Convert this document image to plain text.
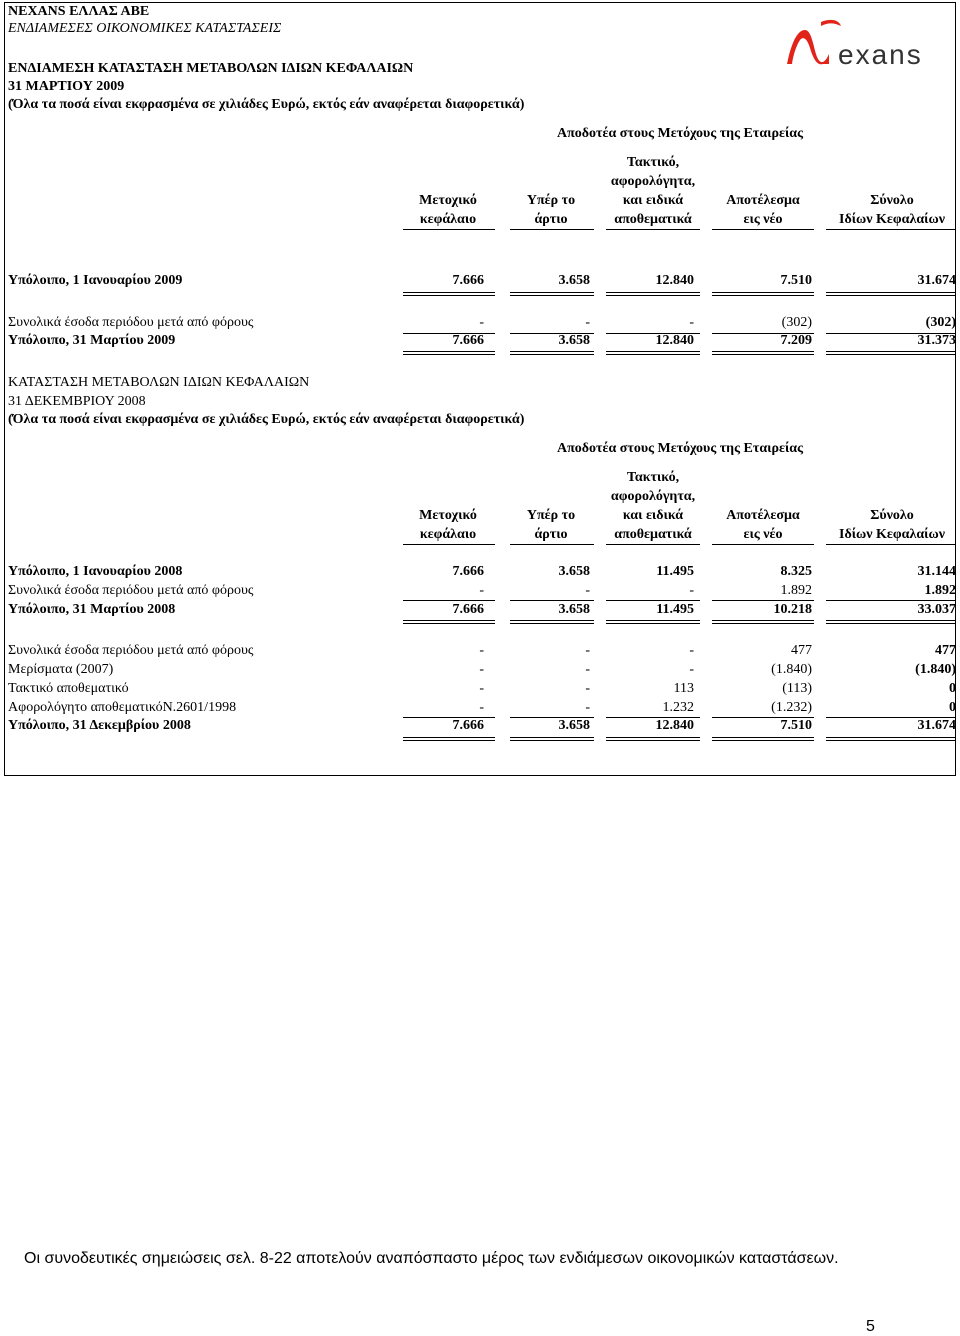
NEXANS ΕΛΛΑΣ ΑΒΕ
ΕΝΔΙΑΜΕΣΕΣ ΟΙΚΟΝΟΜΙΚΕΣ ΚΑΤΑΣΤΑΣΕΙΣ
exans
ΕΝΔΙΑΜΕΣΗ ΚΑΤΑΣΤΑΣΗ ΜΕΤΑΒΟΛΩΝ ΙΔΙΩΝ ΚΕΦΑΛΑΙΩΝ
31 ΜΑΡΤΙΟΥ 2009
(Όλα τα ποσά είναι εκφρασμένα σε χιλιάδες Ευρώ, εκτός εάν αναφέρεται διαφορετικά)
Αποδοτέα στους Μετόχους της Εταιρείας
Μετοχικό
κεφάλαιο
Υπέρ το
άρτιο
Τακτικό,
αφορολόγητα,
και ειδικά
αποθεματικά
Αποτέλεσμα
εις νέο
Σύνολο
Ιδίων Κεφαλαίων
Υπόλοιπο, 1 Ιανουαρίου 2009	7.666	3.658	12.840	7.510	31.674
Συνολικά έσοδα περιόδου μετά από φόρους	-	-	-	(302)	(302)
Υπόλοιπο, 31 Μαρτίου 2009	7.666	3.658	12.840	7.209	31.373
ΚΑΤΑΣΤΑΣΗ ΜΕΤΑΒΟΛΩΝ ΙΔΙΩΝ ΚΕΦΑΛΑΙΩΝ
31 ΔΕΚΕΜΒΡΙΟΥ 2008
(Όλα τα ποσά είναι εκφρασμένα σε χιλιάδες Ευρώ, εκτός εάν αναφέρεται διαφορετικά)
Αποδοτέα στους Μετόχους της Εταιρείας
Μετοχικό
κεφάλαιο
Υπέρ το
άρτιο
Τακτικό,
αφορολόγητα,
και ειδικά
αποθεματικά
Αποτέλεσμα
εις νέο
Σύνολο
Ιδίων Κεφαλαίων
Υπόλοιπο, 1 Ιανουαρίου 2008	7.666	3.658	11.495	8.325	31.144
Συνολικά έσοδα περιόδου μετά από φόρους	-	-	-	1.892	1.892
Υπόλοιπο, 31 Μαρτίου 2008	7.666	3.658	11.495	10.218	33.037
Συνολικά έσοδα περιόδου μετά από φόρους	-	-	-	477	477
Μερίσματα (2007)	-	-	-	(1.840)	(1.840)
Τακτικό αποθεματικό	-	-	113	(113)	0
Αφορολόγητο αποθεματικόΝ.2601/1998	-	-	1.232	(1.232)	0
Υπόλοιπο, 31 Δεκεμβρίου 2008	7.666	3.658	12.840	7.510	31.674
Οι συνοδευτικές σημειώσεις σελ. 8-22 αποτελούν αναπόσπαστο μέρος των ενδιάμεσων οικονομικών καταστάσεων.
5
